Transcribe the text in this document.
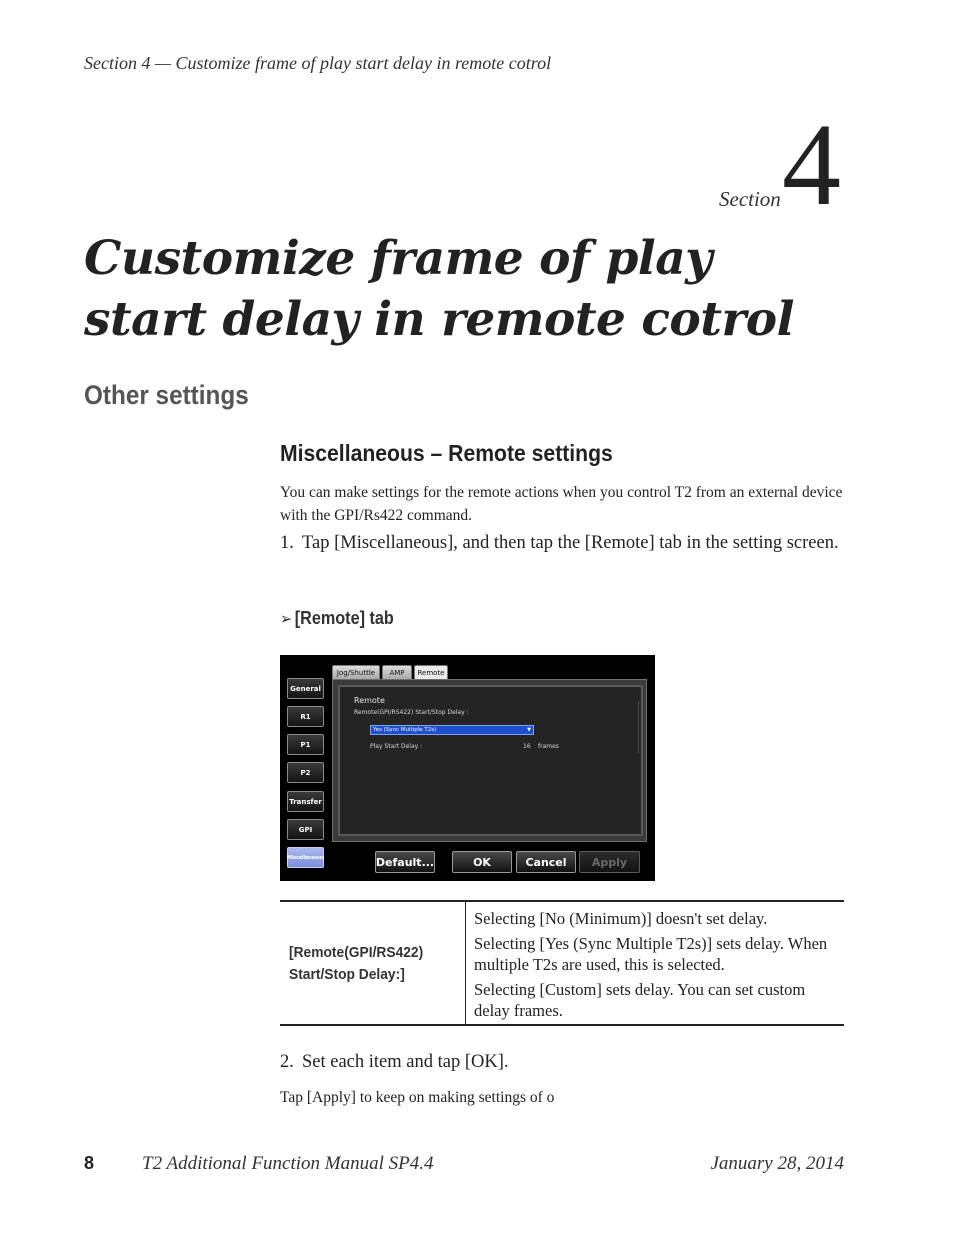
Section 4 — Customize frame of play start delay in remote cotrol
Section 4
Customize frame of play start delay in remote cotrol
Other settings
Miscellaneous – Remote settings

You can make settings for the remote actions when you control T2 from an external device with the GPI/Rs422 command.

1. Tap [Miscellaneous], and then tap the [Remote] tab in the setting screen.
➢ [Remote] tab
General
R1
P1
P2
Transfer
GPI
Miscellaneous
Jog/Shuttle	AMP	Remote
Remote
Remote(GPI/RS422) Start/Stop Delay :
Yes (Sync Multiple T2s)	▼
Play Start Delay :	16 frames
Default...	OK	Cancel	Apply
[Remote(GPI/RS422) Start/Stop Delay:]

Selecting [No (Minimum)] doesn't set delay.

Selecting [Yes (Sync Multiple T2s)] sets delay. When multiple T2s are used, this is selected.

Selecting [Custom] sets delay. You can set custom delay frames.

2. Set each item and tap [OK].
Tap [Apply] to keep on making settings of o
8	T2 Additional Function Manual SP4.4	January 28, 2014
